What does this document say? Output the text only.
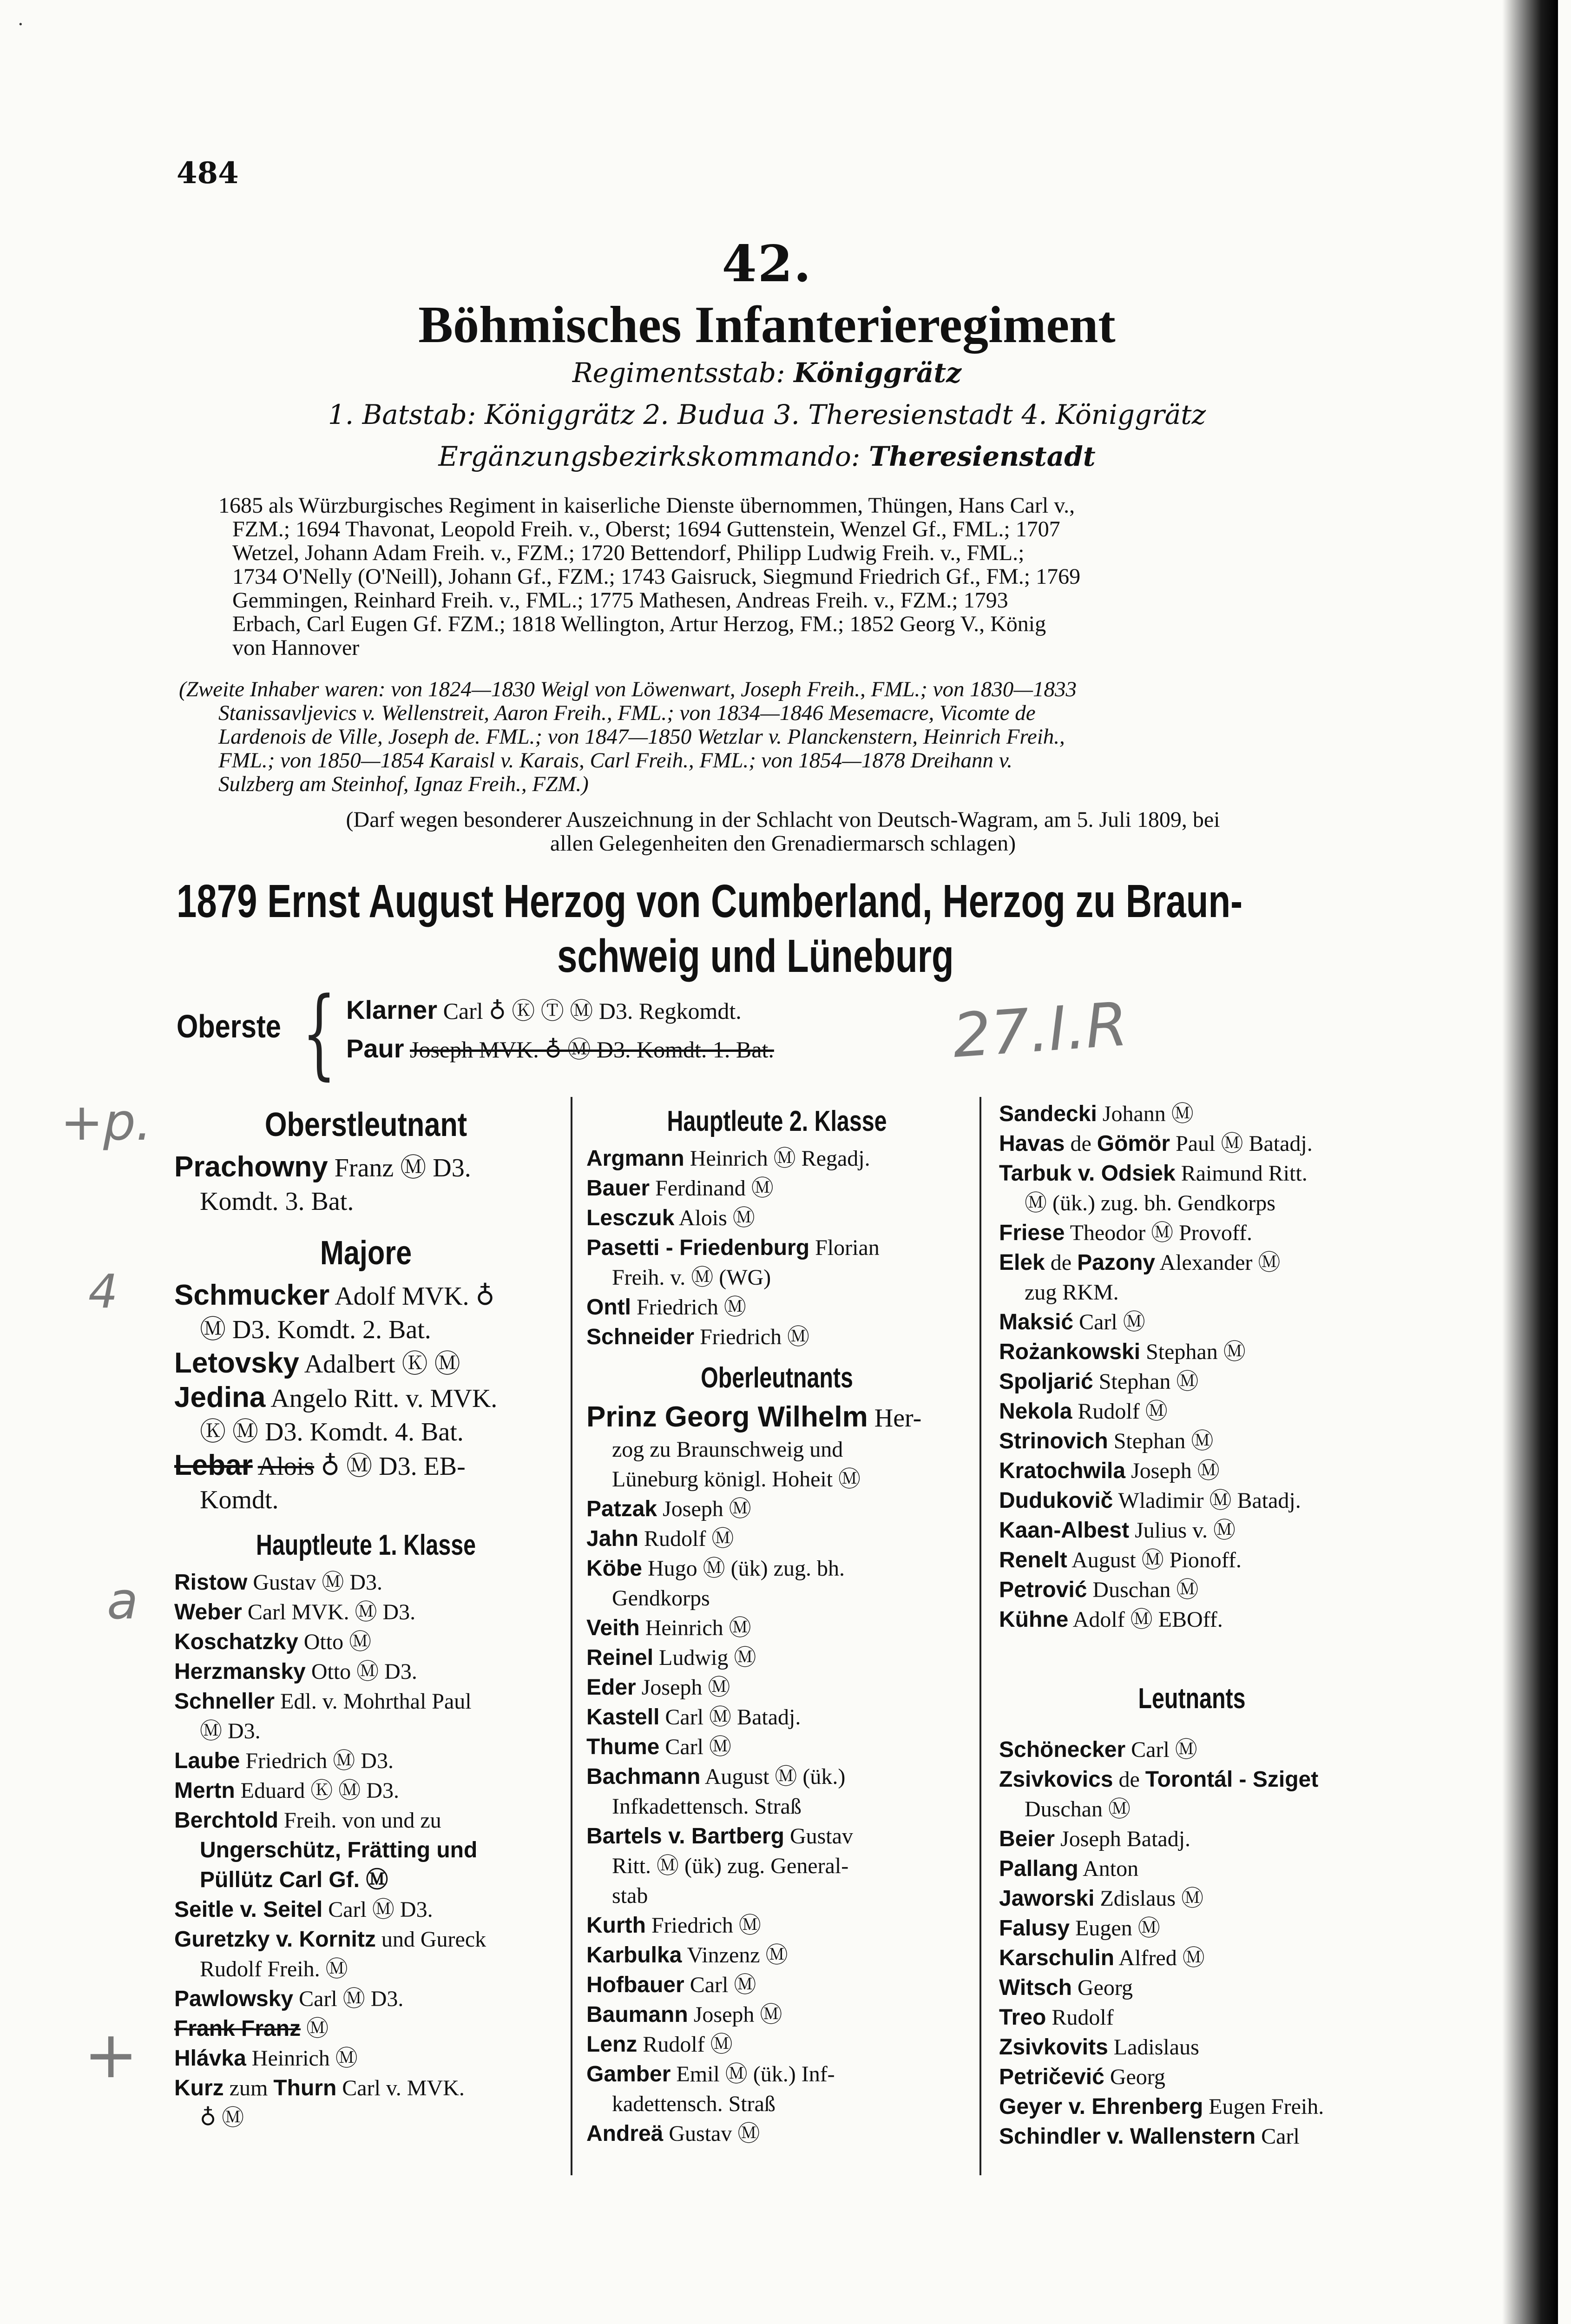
·
484
42.
Böhmisches Infanterieregiment
Regimentsstab: Königgrätz
1. Batstab: Königgrätz 2. Budua 3. Theresienstadt 4. Königgrätz
Ergänzungsbezirkskommando: Theresienstadt
1685 als Würzburgisches Regiment in kaiserliche Dienste übernommen, Thüngen, Hans Carl v.,
FZM.; 1694 Thavonat, Leopold Freih. v., Oberst; 1694 Guttenstein, Wenzel Gf., FML.; 1707
Wetzel, Johann Adam Freih. v., FZM.; 1720 Bettendorf, Philipp Ludwig Freih. v., FML.;
1734 O'Nelly (O'Neill), Johann Gf., FZM.; 1743 Gaisruck, Siegmund Friedrich Gf., FM.; 1769
Gemmingen, Reinhard Freih. v., FML.; 1775 Mathesen, Andreas Freih. v., FZM.; 1793
Erbach, Carl Eugen Gf. FZM.; 1818 Wellington, Artur Herzog, FM.; 1852 Georg V., König
von Hannover
(Zweite Inhaber waren: von 1824—1830 Weigl von Löwenwart, Joseph Freih., FML.; von 1830—1833
Stanissavljevics v. Wellenstreit, Aaron Freih., FML.; von 1834—1846 Mesemacre, Vicomte de
Lardenois de Ville, Joseph de. FML.; von 1847—1850 Wetzlar v. Planckenstern, Heinrich Freih.,
FML.; von 1850—1854 Karaisl v. Karais, Carl Freih., FML.; von 1854—1878 Dreihann v.
Sulzberg am Steinhof, Ignaz Freih., FZM.)
(Darf wegen besonderer Auszeichnung in der Schlacht von Deutsch-Wagram, am 5. Juli 1809, bei
allen Gelegenheiten den Grenadiermarsch schlagen)
1879 Ernst August Herzog von Cumberland, Herzog zu Braun-
schweig und Lüneburg
Oberste { Klarner Carl ♁ Ⓚ Ⓣ Ⓜ D3. Regkomdt.
Paur Joseph MVK. ♁ Ⓜ D3. Komdt. 1. Bat.	27.I.R
Oberstleutnant
Prachowny Franz Ⓜ D3.
Komdt. 3. Bat.
Majore
Schmucker Adolf MVK. ♁
Ⓜ D3. Komdt. 2. Bat.
Letovsky Adalbert Ⓚ Ⓜ
Jedina Angelo Ritt. v. MVK.
Ⓚ Ⓜ D3. Komdt. 4. Bat.
Lebar Alois ♁ Ⓜ D3. EB-
Komdt.
Hauptleute 1. Klasse
Ristow Gustav Ⓜ D3.
Weber Carl MVK. Ⓜ D3.
Koschatzky Otto Ⓜ
Herzmansky Otto Ⓜ D3.
Schneller Edl. v. Mohrthal Paul
Ⓜ D3.
Laube Friedrich Ⓜ D3.
Mertn Eduard Ⓚ Ⓜ D3.
Berchtold Freih. von und zu
Ungerschütz, Frätting und
Püllütz Carl Gf. Ⓜ
Seitle v. Seitel Carl Ⓜ D3.
Guretzky v. Kornitz und Gureck
Rudolf Freih. Ⓜ
Pawlowsky Carl Ⓜ D3.
Frank Franz Ⓜ
Hlávka Heinrich Ⓜ
Kurz zum Thurn Carl v. MVK.
♁ Ⓜ
Hauptleute 2. Klasse
Argmann Heinrich Ⓜ Regadj.
Bauer Ferdinand Ⓜ
Lesczuk Alois Ⓜ
Pasetti - Friedenburg Florian
Freih. v. Ⓜ (WG)
Ontl Friedrich Ⓜ
Schneider Friedrich Ⓜ
Oberleutnants
Prinz Georg Wilhelm Her-
zog zu Braunschweig und
Lüneburg königl. Hoheit Ⓜ
Patzak Joseph Ⓜ
Jahn Rudolf Ⓜ
Köbe Hugo Ⓜ (ük) zug. bh.
Gendkorps
Veith Heinrich Ⓜ
Reinel Ludwig Ⓜ
Eder Joseph Ⓜ
Kastell Carl Ⓜ Batadj.
Thume Carl Ⓜ
Bachmann August Ⓜ (ük.)
Infkadettensch. Straß
Bartels v. Bartberg Gustav
Ritt. Ⓜ (ük) zug. General-
stab
Kurth Friedrich Ⓜ
Karbulka Vinzenz Ⓜ
Hofbauer Carl Ⓜ
Baumann Joseph Ⓜ
Lenz Rudolf Ⓜ
Gamber Emil Ⓜ (ük.) Inf-
kadettensch. Straß
Andreä Gustav Ⓜ
Sandecki Johann Ⓜ
Havas de Gömör Paul Ⓜ Batadj.
Tarbuk v. Odsiek Raimund Ritt.
Ⓜ (ük.) zug. bh. Gendkorps
Friese Theodor Ⓜ Provoff.
Elek de Pazony Alexander Ⓜ
zug RKM.
Maksić Carl Ⓜ
Rożankowski Stephan Ⓜ
Spoljarić Stephan Ⓜ
Nekola Rudolf Ⓜ
Strinovich Stephan Ⓜ
Kratochwila Joseph Ⓜ
Dudukovič Wladimir Ⓜ Batadj.
Kaan-Albest Julius v. Ⓜ
Renelt August Ⓜ Pionoff.
Petrović Duschan Ⓜ
Kühne Adolf Ⓜ EBOff.
Leutnants
Schönecker Carl Ⓜ
Zsivkovics de Torontál - Sziget
Duschan Ⓜ
Beier Joseph Batadj.
Pallang Anton
Jaworski Zdislaus Ⓜ
Falusy Eugen Ⓜ
Karschulin Alfred Ⓜ
Witsch Georg
Treo Rudolf
Zsivkovits Ladislaus
Petričević Georg
Geyer v. Ehrenberg Eugen Freih.
Schindler v. Wallenstern Carl
+p.
4
a
+
